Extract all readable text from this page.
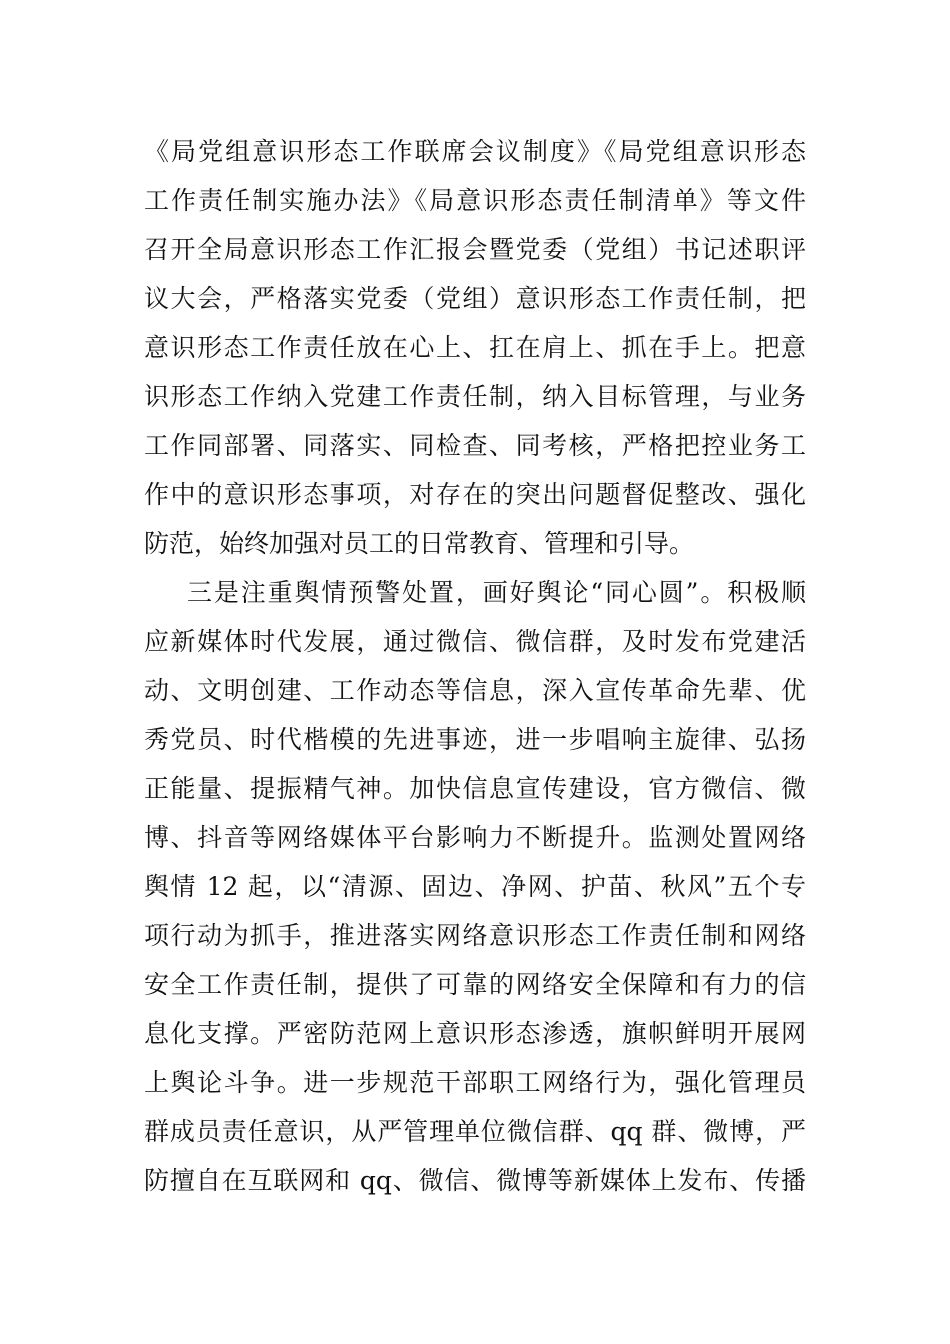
《局党组意识形态工作联席会议制度》《局党组意识形态
工作责任制实施办法》《局意识形态责任制清单》等文件
召开全局意识形态工作汇报会暨党委（党组）书记述职评
议大会，严格落实党委（党组）意识形态工作责任制，把
意识形态工作责任放在心上、扛在肩上、抓在手上。把意
识形态工作纳入党建工作责任制，纳入目标管理，与业务
工作同部署、同落实、同检查、同考核，严格把控业务工
作中的意识形态事项，对存在的突出问题督促整改、强化
防范，始终加强对员工的日常教育、管理和引导。
三是注重舆情预警处置，画好舆论“同心圆”。积极顺
应新媒体时代发展，通过微信、微信群，及时发布党建活
动、文明创建、工作动态等信息，深入宣传革命先辈、优
秀党员、时代楷模的先进事迹，进一步唱响主旋律、弘扬
正能量、提振精气神。加快信息宣传建设，官方微信、微
博、抖音等网络媒体平台影响力不断提升。监测处置网络
舆情 12 起，以“清源、固边、净网、护苗、秋风”五个专
项行动为抓手，推进落实网络意识形态工作责任制和网络
安全工作责任制，提供了可靠的网络安全保障和有力的信
息化支撑。严密防范网上意识形态渗透，旗帜鲜明开展网
上舆论斗争。进一步规范干部职工网络行为，强化管理员
群成员责任意识，从严管理单位微信群、qq 群、微博，严
防擅自在互联网和 qq、微信、微博等新媒体上发布、传播
